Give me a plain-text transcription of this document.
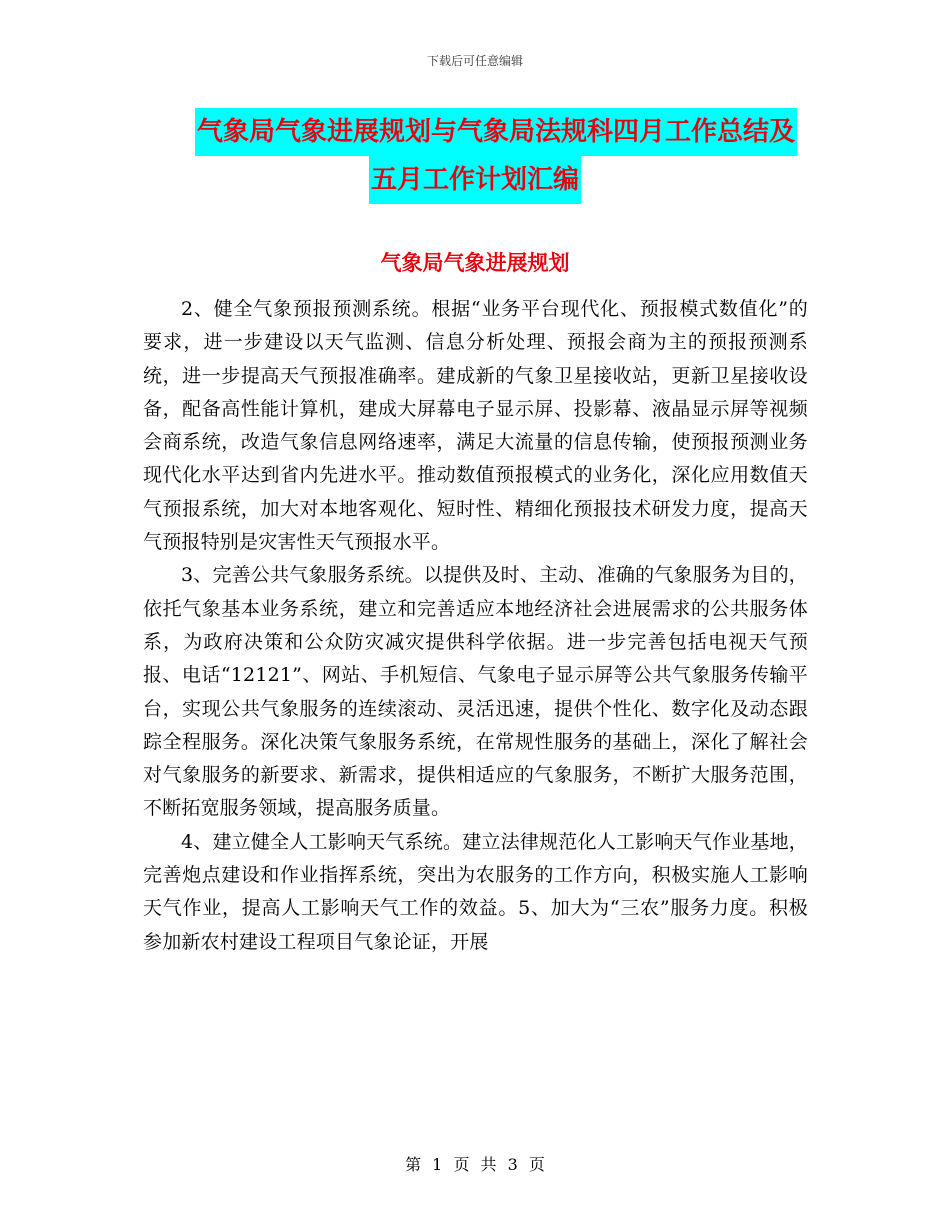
下载后可任意编辑
气象局气象进展规划与气象局法规科四月工作总结及
五月工作计划汇编
气象局气象进展规划

2、健全气象预报预测系统。根据“业务平台现代化、预报模式数值化”的要求，进一步建设以天气监测、信息分析处理、预报会商为主的预报预测系统，进一步提高天气预报准确率。建成新的气象卫星接收站，更新卫星接收设备，配备高性能计算机，建成大屏幕电子显示屏、投影幕、液晶显示屏等视频会商系统，改造气象信息网络速率，满足大流量的信息传输，使预报预测业务现代化水平达到省内先进水平。推动数值预报模式的业务化，深化应用数值天气预报系统，加大对本地客观化、短时性、精细化预报技术研发力度，提高天气预报特别是灾害性天气预报水平。

3、完善公共气象服务系统。以提供及时、主动、准确的气象服务为目的，依托气象基本业务系统，建立和完善适应本地经济社会进展需求的公共服务体系，为政府决策和公众防灾减灾提供科学依据。进一步完善包括电视天气预报、电话“12121”、网站、手机短信、气象电子显示屏等公共气象服务传输平台，实现公共气象服务的连续滚动、灵活迅速，提供个性化、数字化及动态跟踪全程服务。深化决策气象服务系统，在常规性服务的基础上，深化了解社会对气象服务的新要求、新需求，提供相适应的气象服务，不断扩大服务范围，不断拓宽服务领域，提高服务质量。

4、建立健全人工影响天气系统。建立法律规范化人工影响天气作业基地，完善炮点建设和作业指挥系统，突出为农服务的工作方向，积极实施人工影响天气作业，提高人工影响天气工作的效益。5、加大为“三农”服务力度。积极参加新农村建设工程项目气象论证，开展

第 1 页 共 3 页
